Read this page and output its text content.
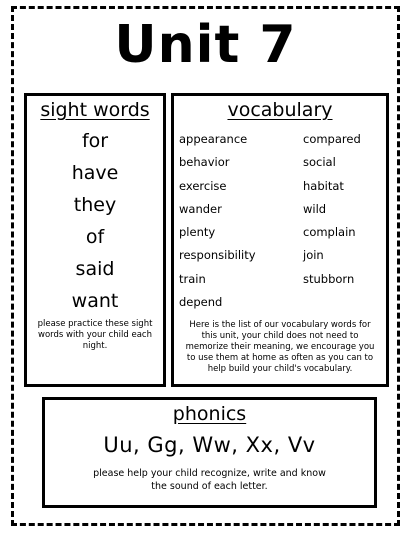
Unit 7
sight words
for
have
they
of
said
want
please practice these sight words with your child each night.
vocabulary
appearance	compared
behavior	social
exercise	habitat
wander	wild
plenty	complain
responsibility	join
train	stubborn
depend
Here is the list of our vocabulary words for this unit, your child does not need to memorize their meaning, we encourage you to use them at home as often as you can to help build your child's vocabulary.
phonics
Uu, Gg, Ww, Xx, Vv
please help your child recognize, write and know the sound of each letter.
